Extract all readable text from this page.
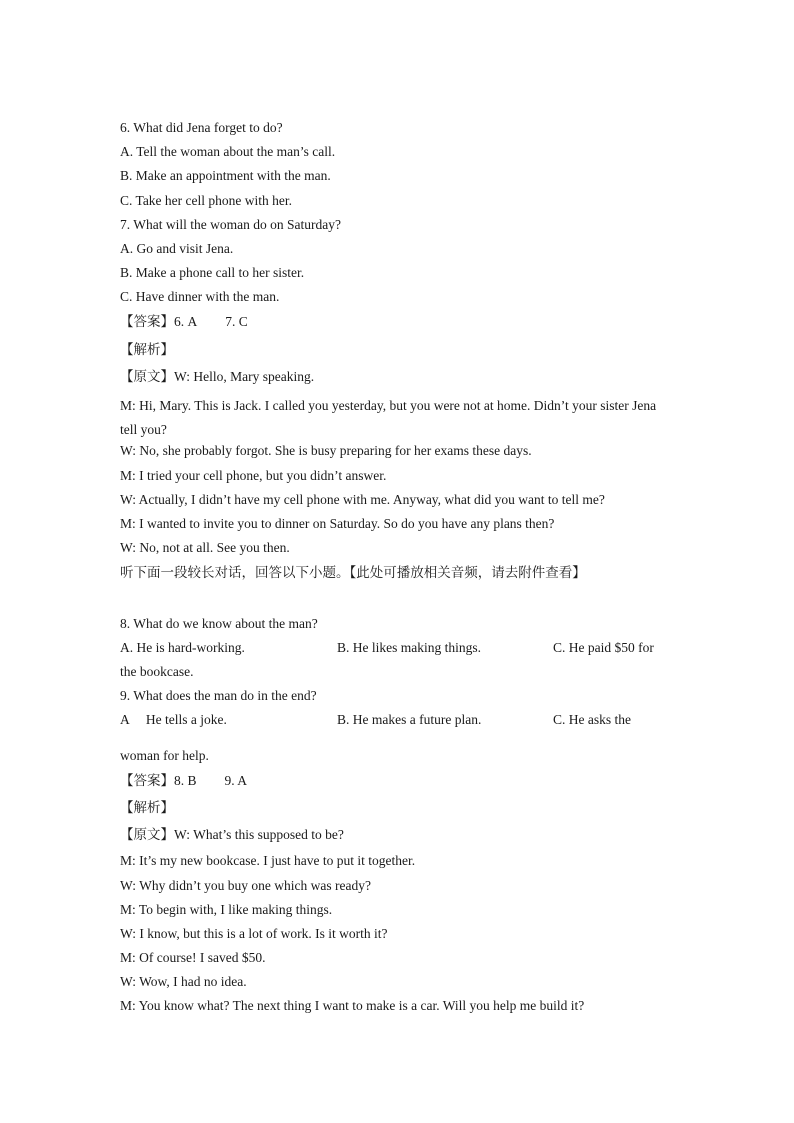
6. What did Jena forget to do?
A. Tell the woman about the man’s call.
B. Make an appointment with the man.
C. Take her cell phone with her.
7. What will the woman do on Saturday?
A. Go and visit Jena.
B. Make a phone call to her sister.
C. Have dinner with the man.
【答案】6. A 7. C
【解析】
【原文】W: Hello, Mary speaking.
M: Hi, Mary. This is Jack. I called you yesterday, but you were not at home. Didn’t your sister Jena tell you?
W: No, she probably forgot. She is busy preparing for her exams these days.
M: I tried your cell phone, but you didn’t answer.
W: Actually, I didn’t have my cell phone with me. Anyway, what did you want to tell me?
M: I wanted to invite you to dinner on Saturday. So do you have any plans then?
W: No, not at all. See you then.
听下面一段较长对话，回答以下小题。【此处可播放相关音频，请去附件查看】
8. What do we know about the man?
A. He is hard-working.	B. He likes making things.	C. He paid $50 for
the bookcase.
9. What does the man do in the end?
A     He tells a joke.	B. He makes a future plan.	C. He asks the
woman for help.
【答案】8. B 9. A
【解析】
【原文】W: What’s this supposed to be?
M: It’s my new bookcase. I just have to put it together.
W: Why didn’t you buy one which was ready?
M: To begin with, I like making things.
W: I know, but this is a lot of work. Is it worth it?
M: Of course! I saved $50.
W: Wow, I had no idea.
M: You know what? The next thing I want to make is a car. Will you help me build it?
